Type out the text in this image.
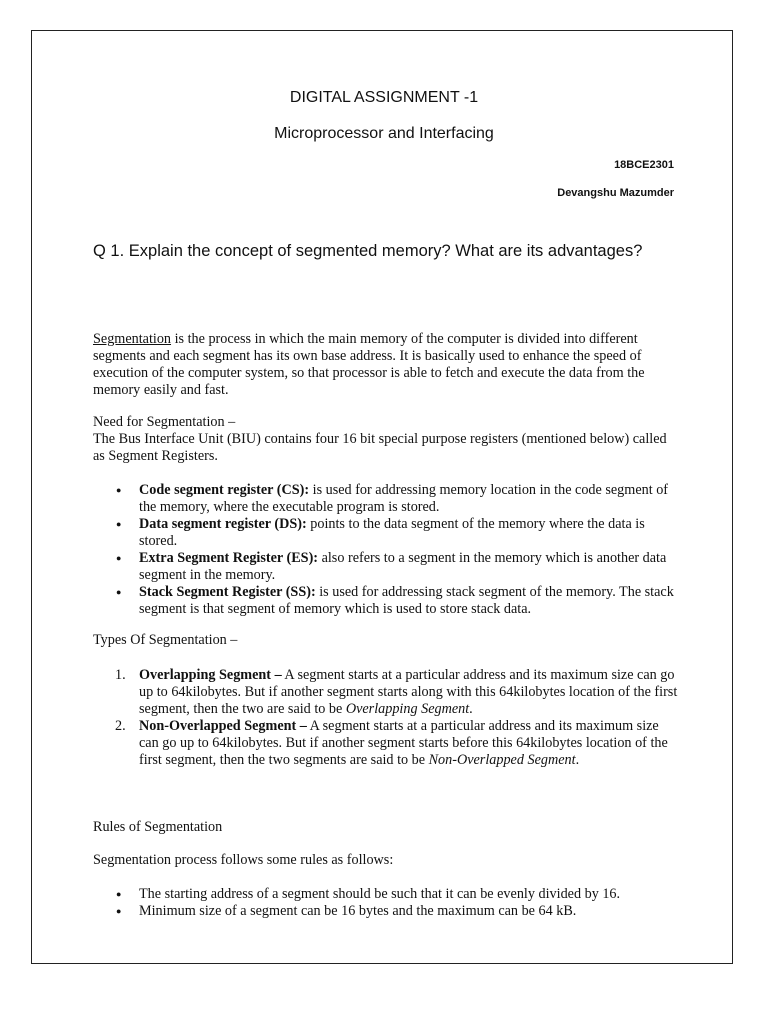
DIGITAL ASSIGNMENT -1
Microprocessor and Interfacing
18BCE2301
Devangshu Mazumder
Q 1. Explain the concept of segmented memory? What are its advantages?

Segmentation is the process in which the main memory of the computer is divided into different segments and each segment has its own base address. It is basically used to enhance the speed of execution of the computer system, so that processor is able to fetch and execute the data from the memory easily and fast.

Need for Segmentation –

The Bus Interface Unit (BIU) contains four 16 bit special purpose registers (mentioned below) called as Segment Registers.

● Code segment register (CS): is used for addressing memory location in the code segment of the memory, where the executable program is stored.
● Data segment register (DS): points to the data segment of the memory where the data is stored.
● Extra Segment Register (ES): also refers to a segment in the memory which is another data segment in the memory.
● Stack Segment Register (SS): is used for addressing stack segment of the memory. The stack segment is that segment of memory which is used to store stack data.

Types Of Segmentation –

1. Overlapping Segment – A segment starts at a particular address and its maximum size can go up to 64kilobytes. But if another segment starts along with this 64kilobytes location of the first segment, then the two are said to be Overlapping Segment.
2. Non-Overlapped Segment – A segment starts at a particular address and its maximum size can go up to 64kilobytes. But if another segment starts before this 64kilobytes location of the first segment, then the two segments are said to be Non-Overlapped Segment.

Rules of Segmentation

Segmentation process follows some rules as follows:

● The starting address of a segment should be such that it can be evenly divided by 16.
● Minimum size of a segment can be 16 bytes and the maximum can be 64 kB.
